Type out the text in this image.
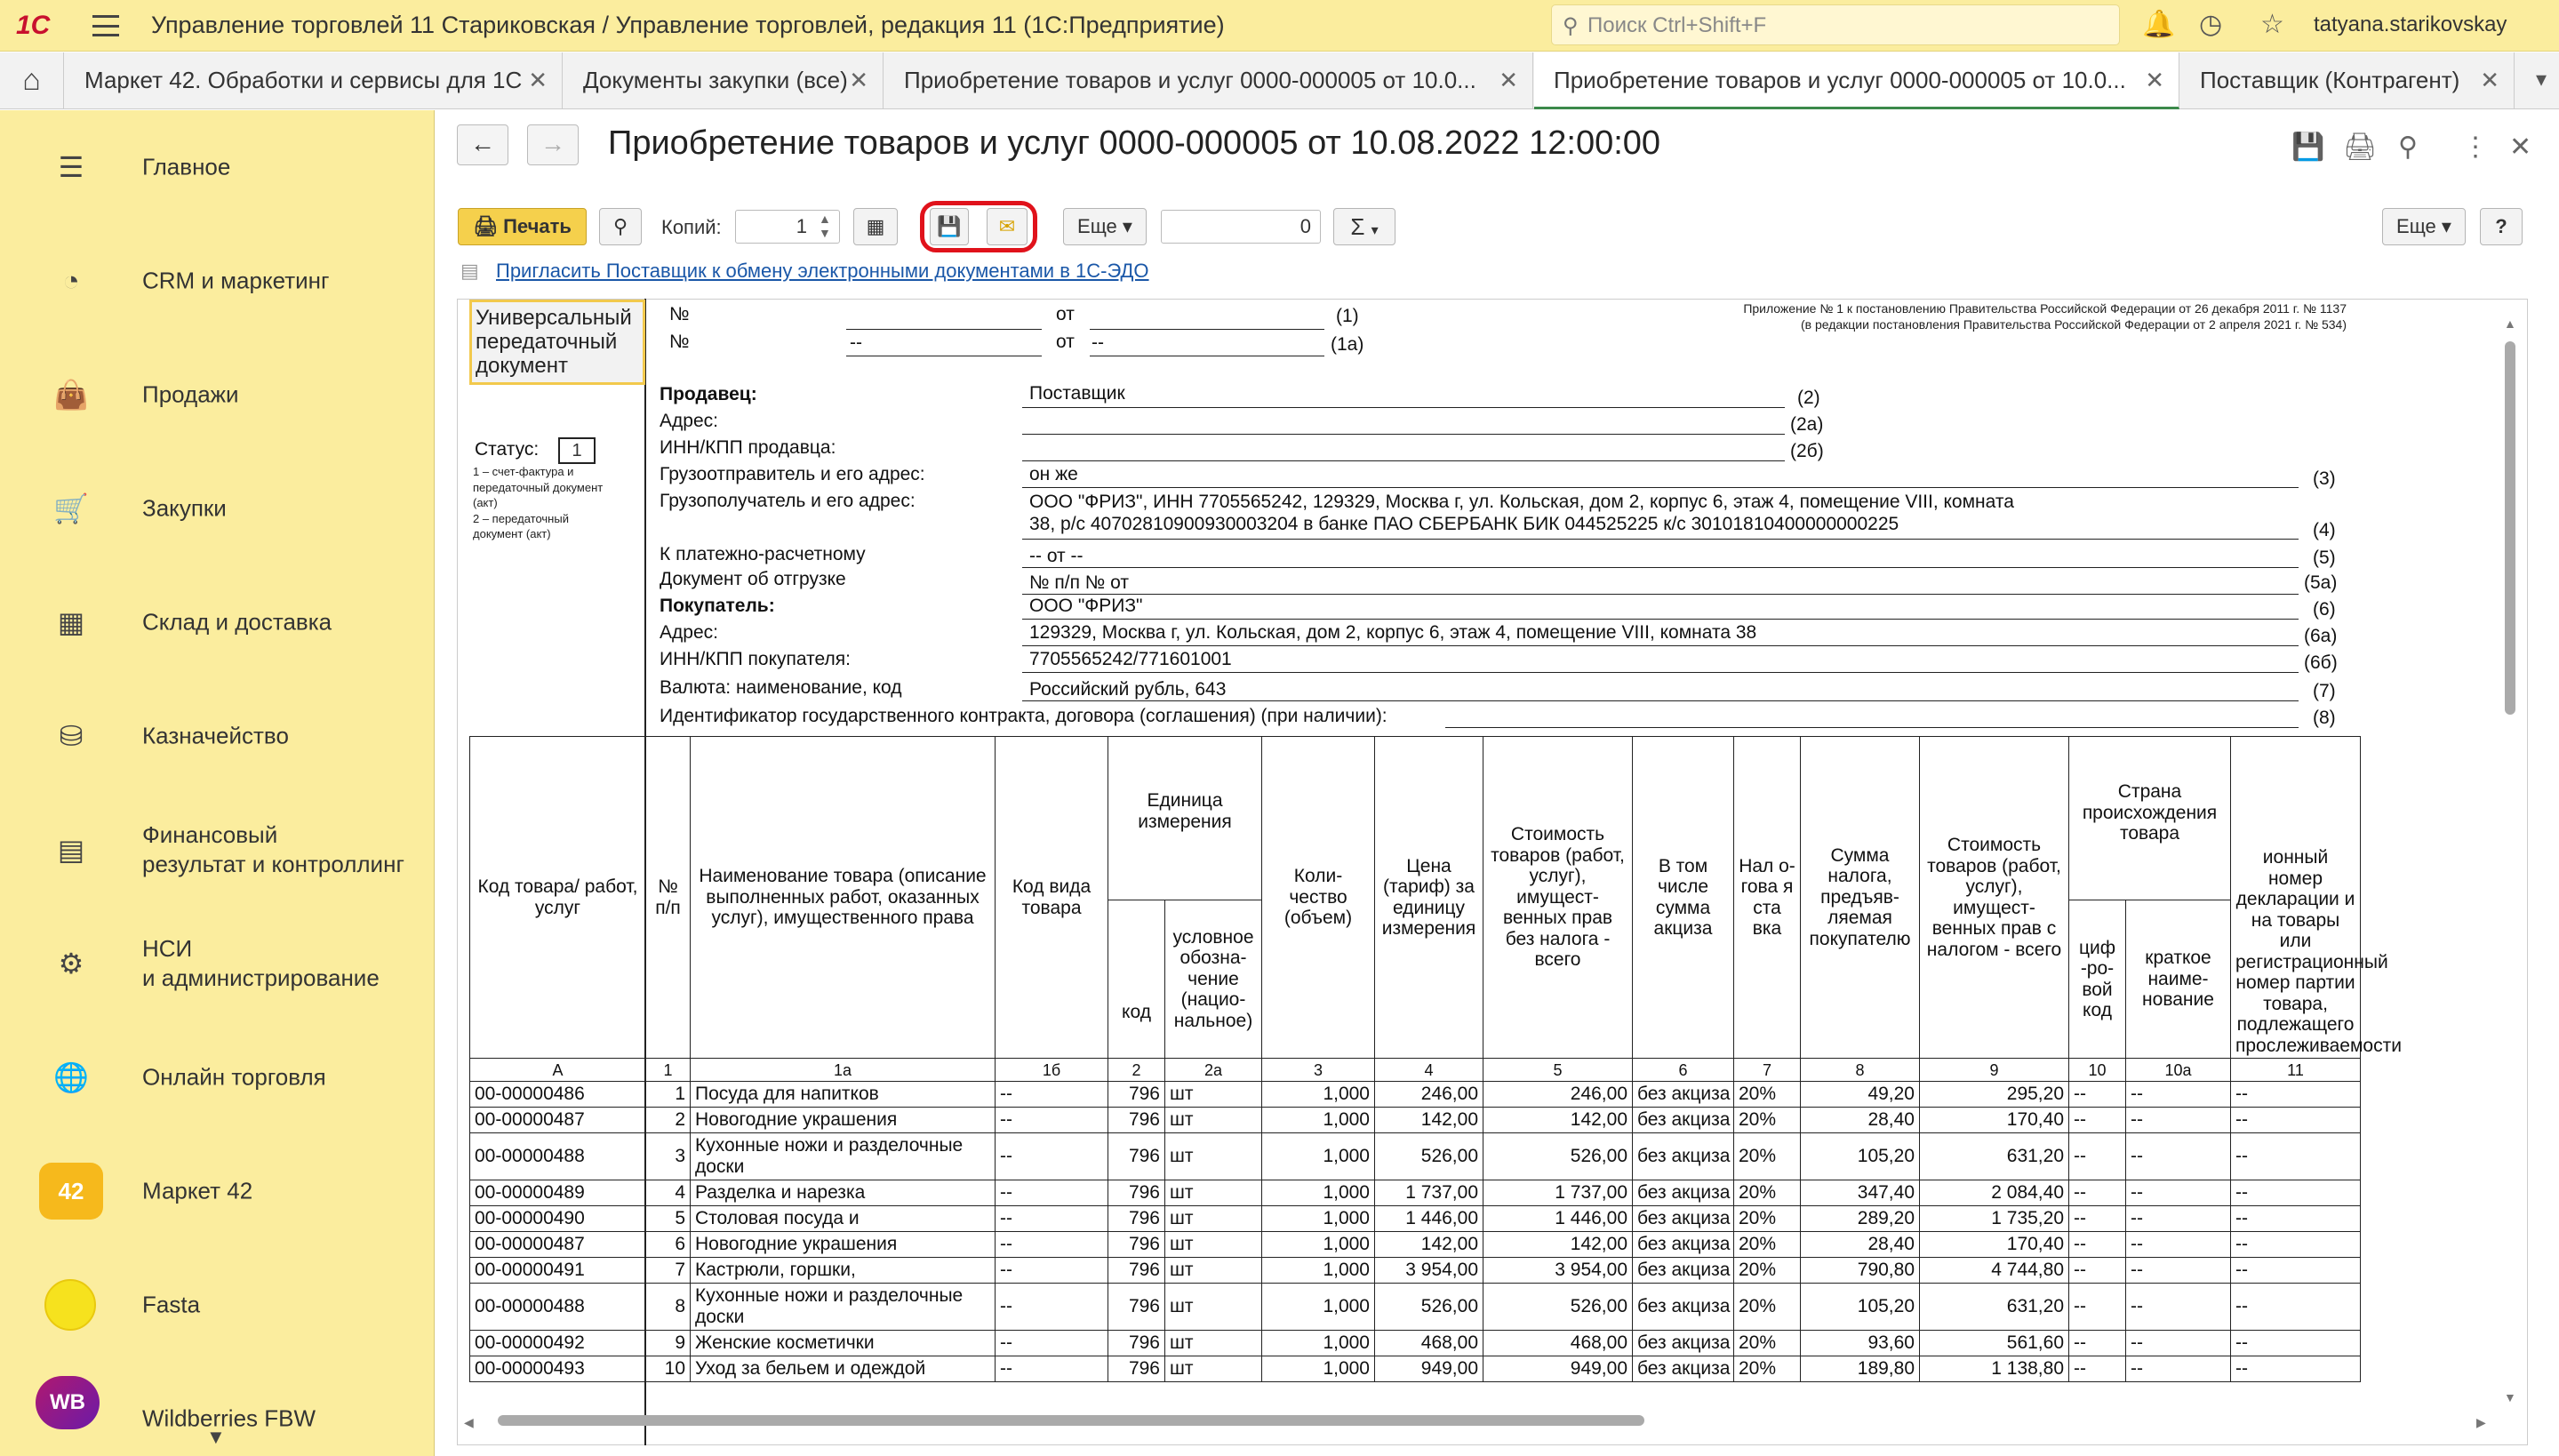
1С	Управление торговлей 11 Стариковская / Управление торговлей, редакция 11 (1С:Предприятие)	⚲ Поиск Ctrl+Shift+F	🔔 ◷ ☆ tatyana.starikovskay
⌂	Маркет 42. Обработки и сервисы для 1С ✕	Документы закупки (все) ✕	Приобретение товаров и услуг 0000-000005 от 10.0... ✕	Приобретение товаров и услуг 0000-000005 от 10.0... ✕	Поставщик (Контрагент) ✕ ▾
☰	Главное
◔	CRM и маркетинг
👜 Продажи
🛒 Закупки
▦ Склад и доставка
⛁	Казначейство
▤ Финансовый
результат и контроллинг
⚙	НСИ
и администрирование
🌐 Онлайн торговля
42	Маркет 42
Fasta
WB
Wildberries FBW
▼
←	→	Приобретение товаров и услуг 0000-000005 от 10.08.2022 12:00:00	💾 🖨 ⚲ ⋮ ✕
🖨 Печать	⚲	Копий:	1 ▲
▼	▦	💾	✉	Еще ▾	0	Σ ▾	Еще ▾	?
▤ Пригласить Поставщик к обмену электронными документами в 1С-ЭДО
Универсальный передаточный документ
№	от	(1)
№	--	от --	(1а)
Приложение № 1 к постановлению Правительства Российской Федерации от 26 декабря 2011 г. № 1137
(в редакции постановления Правительства Российской Федерации от 2 апреля 2021 г. № 534)
Статус:	1
1 – счет-фактура и передаточный документ (акт)
2 – передаточный документ (акт)
Продавец:	Поставщик	(2)
Адрес:	(2а)
ИНН/КПП продавца:	(2б)
Грузоотправитель и его адрес:	он же	(3)
Грузополучатель и его адрес:	ООО "ФРИЗ", ИНН 7705565242, 129329, Москва г, ул. Кольская, дом 2, корпус 6, этаж 4, помещение VIII, комната
38, р/с 40702810900930003204 в банке ПАО СБЕРБАНК БИК 044525225 к/с 30101810400000000225	(4)
К платежно-расчетному	-- от --	(5)
Документ об отгрузке	№ п/п № от	(5а)
Покупатель:	ООО "ФРИЗ"	(6)
Адрес:	129329, Москва г, ул. Кольская, дом 2, корпус 6, этаж 4, помещение VIII, комната 38	(6а)
ИНН/КПП покупателя:	7705565242/771601001	(6б)
Валюта: наименование, код	Российский рубль, 643	(7)
Идентификатор государственного контракта, договора (соглашения) (при наличии):	(8)
Код товара/ работ, услуг	№ п/п	Наименование товара (описание выполненных работ, оказанных услуг), имущественного права	Код вида товара	Единица измерения		Коли-чество (объем)	Цена (тариф) за единицу измерения	Стоимость товаров (работ, услуг), имущест-венных прав без налога - всего	В том числе сумма акциза	Нал о-гова я ста вка	Сумма налога, предъяв-ляемая покупателю	Стоимость товаров (работ, услуг), имущест-венных прав с налогом - всего	Страна происхождения товара		ионный номер декларации и на товары или регистрационный номер партии товара, подлежащего прослеживаемости
				код	условное обозна-чение (нацио-нальное)								циф -ро-вой код	краткое наиме-нование	
А	1	1а	1б	2	2а	3	4	5	6	7	8	9	10	10а	11
00-00000486	1	Посуда для напитков	--	796	шт	1,000	246,00	246,00	без акциза	20%	49,20	295,20	--	--	--
00-00000487	2	Новогодние украшения	--	796	шт	1,000	142,00	142,00	без акциза	20%	28,40	170,40	--	--	--
00-00000488	3	Кухонные ножи и разделочные доски	--	796	шт	1,000	526,00	526,00	без акциза	20%	105,20	631,20	--	--	--
00-00000489	4	Разделка и нарезка	--	796	шт	1,000	1 737,00	1 737,00	без акциза	20%	347,40	2 084,40	--	--	--
00-00000490	5	Столовая посуда и	--	796	шт	1,000	1 446,00	1 446,00	без акциза	20%	289,20	1 735,20	--	--	--
00-00000487	6	Новогодние украшения	--	796	шт	1,000	142,00	142,00	без акциза	20%	28,40	170,40	--	--	--
00-00000491	7	Кастрюли, горшки,	--	796	шт	1,000	3 954,00	3 954,00	без акциза	20%	790,80	4 744,80	--	--	--
00-00000488	8	Кухонные ножи и разделочные доски	--	796	шт	1,000	526,00	526,00	без акциза	20%	105,20	631,20	--	--	--
00-00000492	9	Женские косметички	--	796	шт	1,000	468,00	468,00	без акциза	20%	93,60	561,60	--	--	--
00-00000493	10	Уход за бельем и одеждой	--	796	шт	1,000	949,00	949,00	без акциза	20%	189,80	1 138,80	--	--	--
▲
▼
◀	▶
